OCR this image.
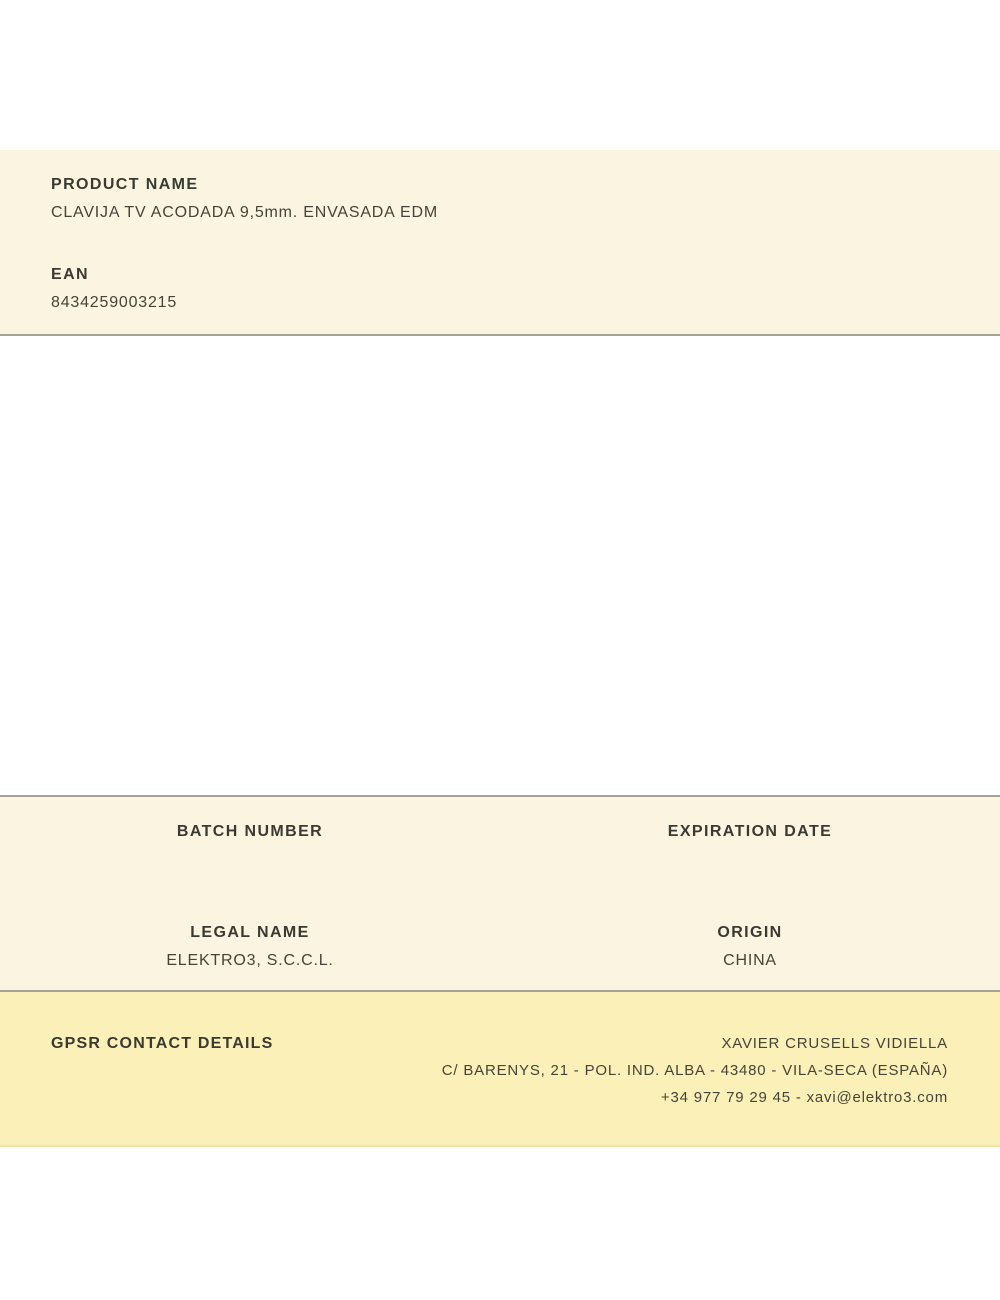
PRODUCT NAME
CLAVIJA TV ACODADA 9,5mm. ENVASADA EDM
EAN
8434259003215
BATCH NUMBER	EXPIRATION DATE
LEGAL NAME
ELEKTRO3, S.C.C.L.
ORIGIN
CHINA
GPSR CONTACT DETAILS	XAVIER CRUSELLS VIDIELLA
C/ BARENYS, 21 - POL. IND. ALBA - 43480 - VILA-SECA (ESPAÑA)
+34 977 79 29 45 - xavi@elektro3.com
